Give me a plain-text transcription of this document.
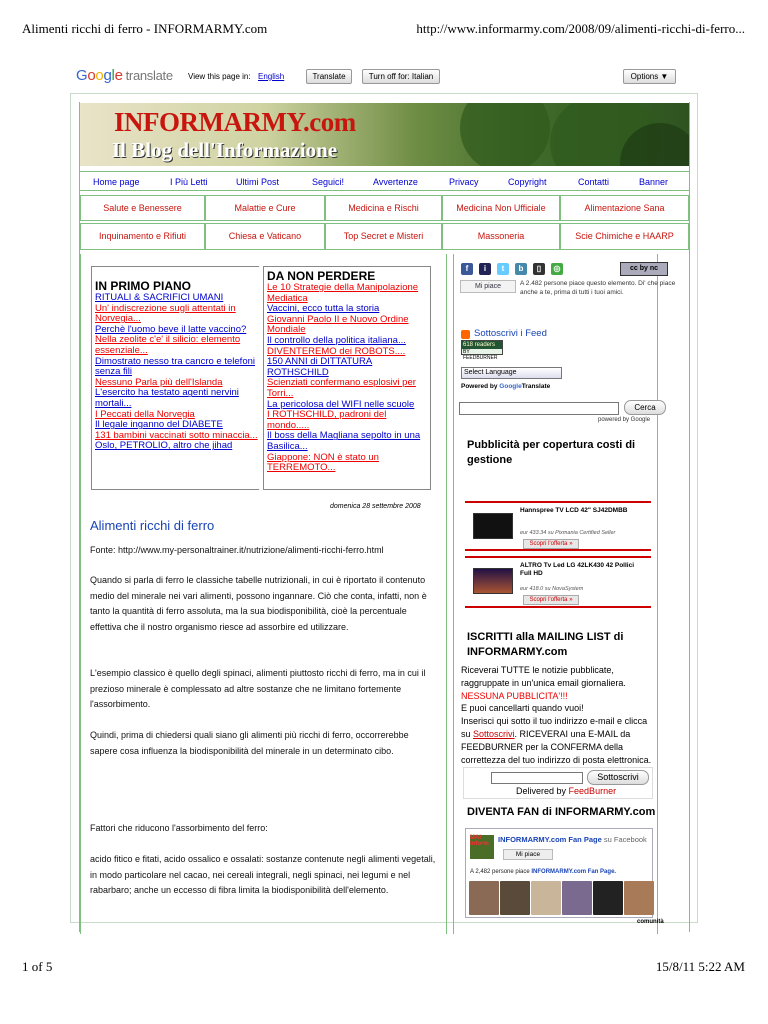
Alimenti ricchi di ferro - INFORMARMY.com	http://www.informarmy.com/2008/09/alimenti-ricchi-di-ferro...
1 of 5	15/8/11 5:22 AM
Google translate View this page in: English	Translate	Turn off for: Italian	Options ▼
INFORMARMY.com
Il Blog dell'Informazione
Home page	I Più Letti	Ultimi Post	Seguici!	Avvertenze	Privacy	Copyright	Contatti	Banner
Salute e Benessere	Malattie e Cure	Medicina e Rischi	Medicina Non Ufficiale	Alimentazione Sana
Inquinamento e Rifiuti	Chiesa e Vaticano	Top Secret e Misteri	Massoneria	Scie Chimiche e HAARP
IN PRIMO PIANO
RITUALI & SACRIFICI UMANI
Un' indiscrezione sugli attentati in Norvegia...
Perchè l'uomo beve il latte vaccino?
Nella zeolite c'e' il silicio: elemento essenziale...
Dimostrato nesso tra cancro e telefoni senza fili
Nessuno Parla più dell'Islanda
L'esercito ha testato agenti nervini mortali...
I Peccati della Norvegia
Il legale inganno del DIABETE
131 bambini vaccinati sotto minaccia...
Oslo, PETROLIO, altro che jihad
DA NON PERDERE
Le 10 Strategie della Manipolazione Mediatica
Vaccini, ecco tutta la storia
Giovanni Paolo II e Nuovo Ordine Mondiale
Il controllo della politica italiana...
DIVENTEREMO dei ROBOTS....
150 ANNI di DITTATURA ROTHSCHILD
Scienziati confermano esplosivi per Torri...
La pericolosa del WIFI nelle scuole
I ROTHSCHILD, padroni del mondo.....
Il boss della Magliana sepolto in una Basilica...
Giappone: NON è stato un TERREMOTO...
domenica 28 settembre 2008
Alimenti ricchi di ferro
Fonte: http://www.my-personaltrainer.it/nutrizione/alimenti-ricchi-ferro.html
Quando si parla di ferro le classiche tabelle nutrizionali, in cui è riportato il contenuto medio del minerale nei vari alimenti, possono ingannare. Ciò che conta, infatti, non è tanto la quantità di ferro assoluta, ma la sua biodisponibilità, cioè la percentuale effettiva che il nostro organismo riesce ad assorbire ed utilizzare.
L'esempio classico è quello degli spinaci, alimenti piuttosto ricchi di ferro, ma in cui il prezioso minerale è complessato ad altre sostanze che ne limitano fortemente l'assorbimento.
Quindi, prima di chiedersi quali siano gli alimenti più ricchi di ferro, occorrerebbe sapere cosa influenza la biodisponibilità del minerale in un determinato cibo.
Fattori che riducono l'assorbimento del ferro:
acido fitico e fitati, acido ossalico e ossalati: sostanze contenute negli alimenti vegetali, in modo particolare nel cacao, nei cereali integrali, negli spinaci, nei legumi e nel rabarbaro; anche un eccesso di fibra limita la biodisponibilità dell'elemento.
f	i	t	b	▯	◎	cc by nc
Mi piace	A 2.482 persone piace questo elemento. Di' che piace anche a te, prima di tutti i tuoi amici.
Sottoscrivi i Feed
618 readers
BY FEEDBURNER
Select Language
Powered by GoogleTranslate
Cerca
powered by Google
Pubblicità per copertura costi di gestione
Hannspree TV LCD 42" SJ42DMBB
eur 433.34 su Pixmania Certified Seller
Scopri l'offerta »
ALTRO Tv Led LG 42LK430 42 Pollici Full HD
eur 418.0 su NovaSystem
Scopri l'offerta »
ISCRITTI alla MAILING LIST di INFORMARMY.com
Riceverai TUTTE le notizie pubblicate, raggruppate in un'unica email giornaliera.
NESSUNA PUBBLICITA'!!!
E puoi cancellarti quando vuoi!
Inserisci qui sotto il tuo indirizzo e-mail e clicca su Sottoscrivi. RICEVERAI una E-MAIL da FEEDBURNER per la CONFERMA della correttezza del tuo indirizzo di posta elettronica.
Sottoscrivi
Delivered by FeedBurner
DIVENTA FAN di INFORMARMY.com
MAI
Inform	INFORMARMY.com Fan Page su Facebook
Mi piace
A 2,482 persone piace INFORMARMY.com Fan Page.
comunità
